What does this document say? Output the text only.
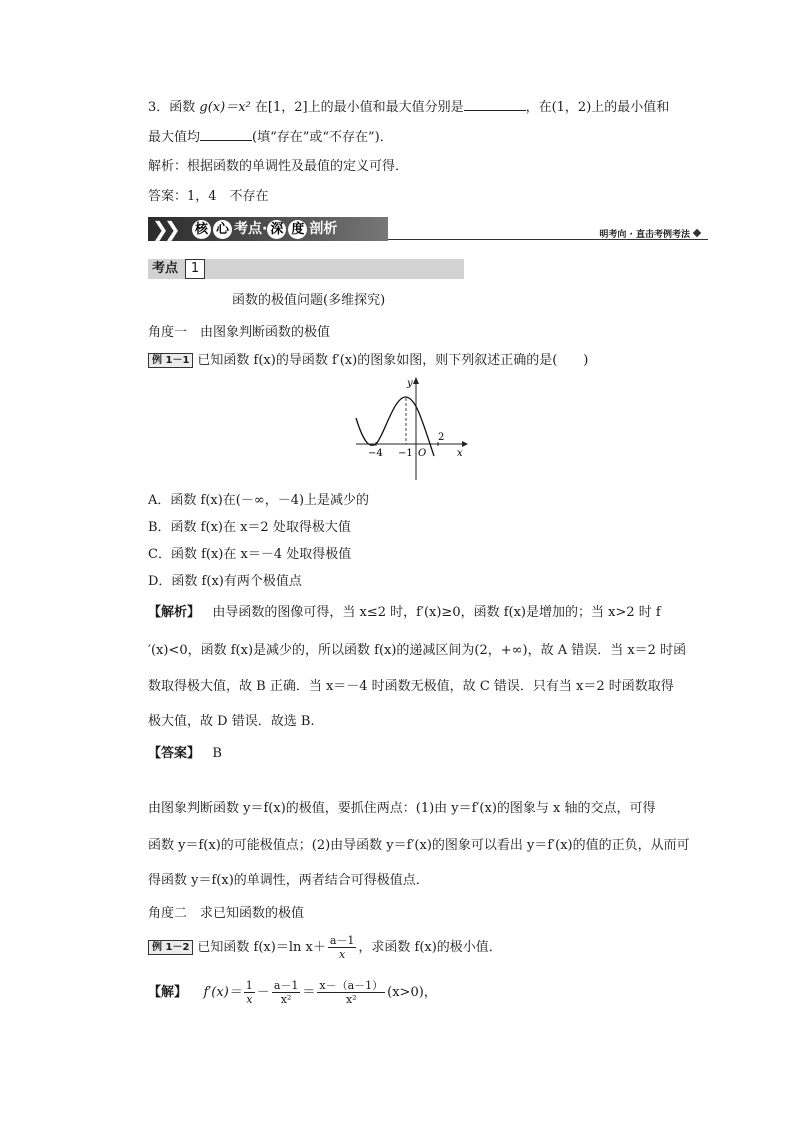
3．函数 g(x)＝x² 在[1，2]上的最小值和最大值分别是	，在(1，2)上的最小值和
最大值均	(填“存在”或“不存在”)．
解析：根据函数的单调性及最值的定义可得．
答案：1，4　不存在
❯
❯ 核 心 考点· 深 度 剖析	明考向 · 直击考例考法
考点 1
函数的极值问题(多维探究)
角度一　由图象判断函数的极值
例 1－1 已知函数 f(x)的导函数 f′(x)的图象如图，则下列叙述正确的是(　　)
y
x
−4 −1 O
2
A．函数 f(x)在(－∞，－4)上是减少的
B．函数 f(x)在 x＝2 处取得极大值
C．函数 f(x)在 x＝－4 处取得极值
D．函数 f(x)有两个极值点
【解析】 由导函数的图像可得，当 x≤2 时，f′(x)≥0，函数 f(x)是增加的；当 x>2 时 f
′(x)<0，函数 f(x)是减少的，所以函数 f(x)的递减区间为(2，+∞)，故 A 错误．当 x＝2 时函
数取得极大值，故 B 正确．当 x＝－4 时函数无极值，故 C 错误．只有当 x＝2 时函数取得
极大值，故 D 错误．故选 B.
【答案】 B
由图象判断函数 y＝f(x)的极值，要抓住两点：(1)由 y＝f′(x)的图象与 x 轴的交点，可得
函数 y＝f(x)的可能极值点；(2)由导函数 y＝f′(x)的图象可以看出 y＝f′(x)的值的正负，从而可
得函数 y＝f(x)的单调性，两者结合可得极值点．
角度二　求已知函数的极值
例 1－2 已知函数 f(x)＝ln $x+ \frac{a-1}{x}$ ，求函数 f(x)的极小值．
【解】 $f'(x)= \frac{1}{x} - \frac{a-1}{\text{x²}} = \frac{x-(a-1)}{\text{x²}} (x>0)$，
